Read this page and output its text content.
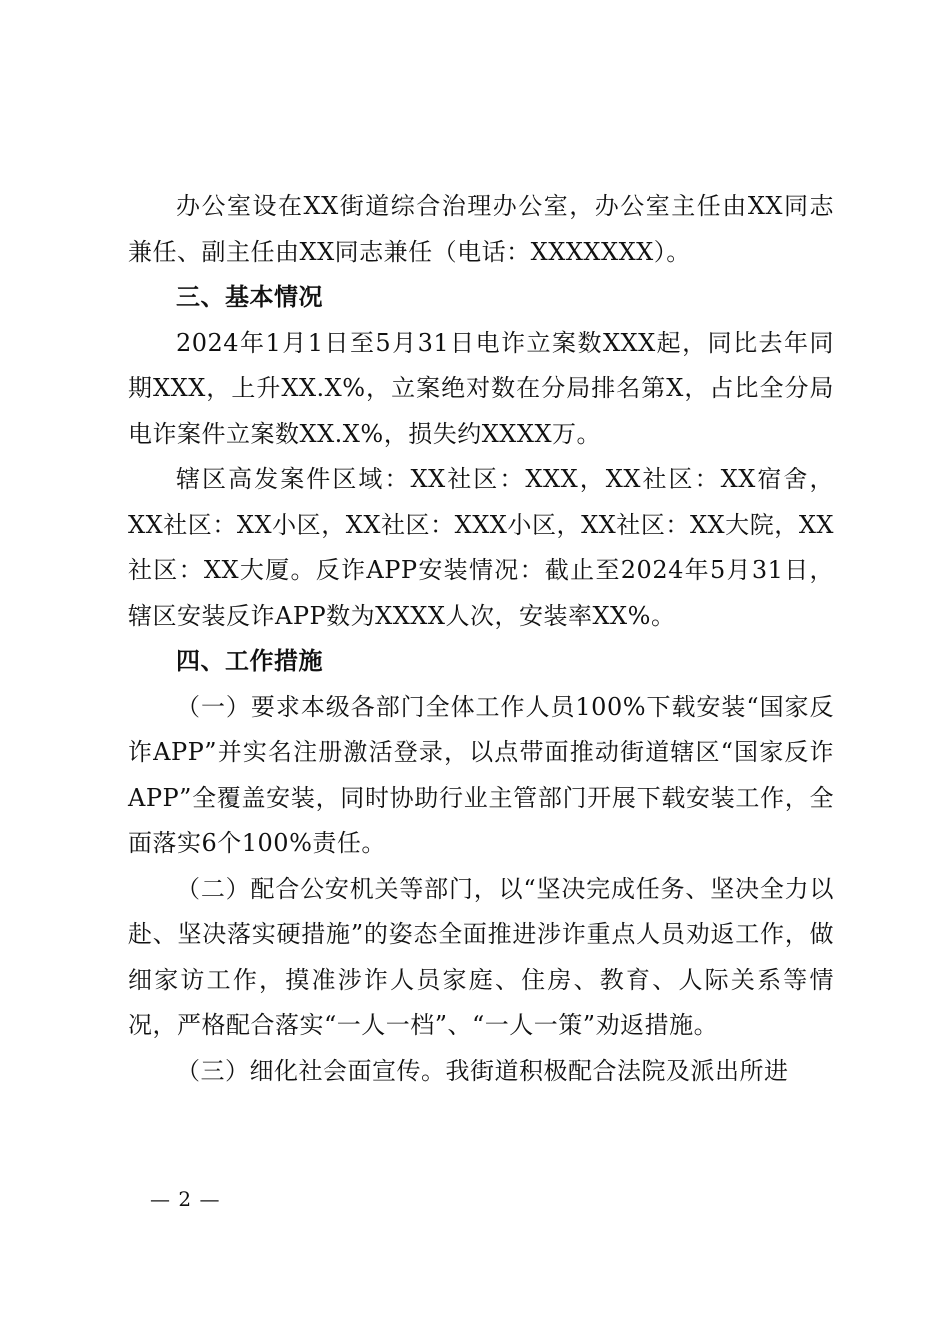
办公室设在XX街道综合治理办公室，办公室主任由XX同志兼任、副主任由XX同志兼任（电话：XXXXXXX）。

三、基本情况

2024年1月1日至5月31日电诈立案数XXX起，同比去年同期XXX，上升XX.X%，立案绝对数在分局排名第X，占比全分局电诈案件立案数XX.X%，损失约XXXX万。

辖区高发案件区域：XX社区：XXX，XX社区：XX宿舍，XX社区：XX小区，XX社区：XXX小区，XX社区：XX大院，XX社区：XX大厦。反诈APP安装情况：截止至2024年5月31日，辖区安装反诈APP数为XXXX人次，安装率XX%。

四、工作措施

（一）要求本级各部门全体工作人员100%下载安装“国家反诈APP”并实名注册激活登录，以点带面推动街道辖区“国家反诈APP”全覆盖安装，同时协助行业主管部门开展下载安装工作，全面落实6个100%责任。

（二）配合公安机关等部门，以“坚决完成任务、坚决全力以赴、坚决落实硬措施”的姿态全面推进涉诈重点人员劝返工作，做细家访工作，摸准涉诈人员家庭、住房、教育、人际关系等情况，严格配合落实“一人一档”、“一人一策”劝返措施。

（三）细化社会面宣传。我街道积极配合法院及派出所进

— 2 —
